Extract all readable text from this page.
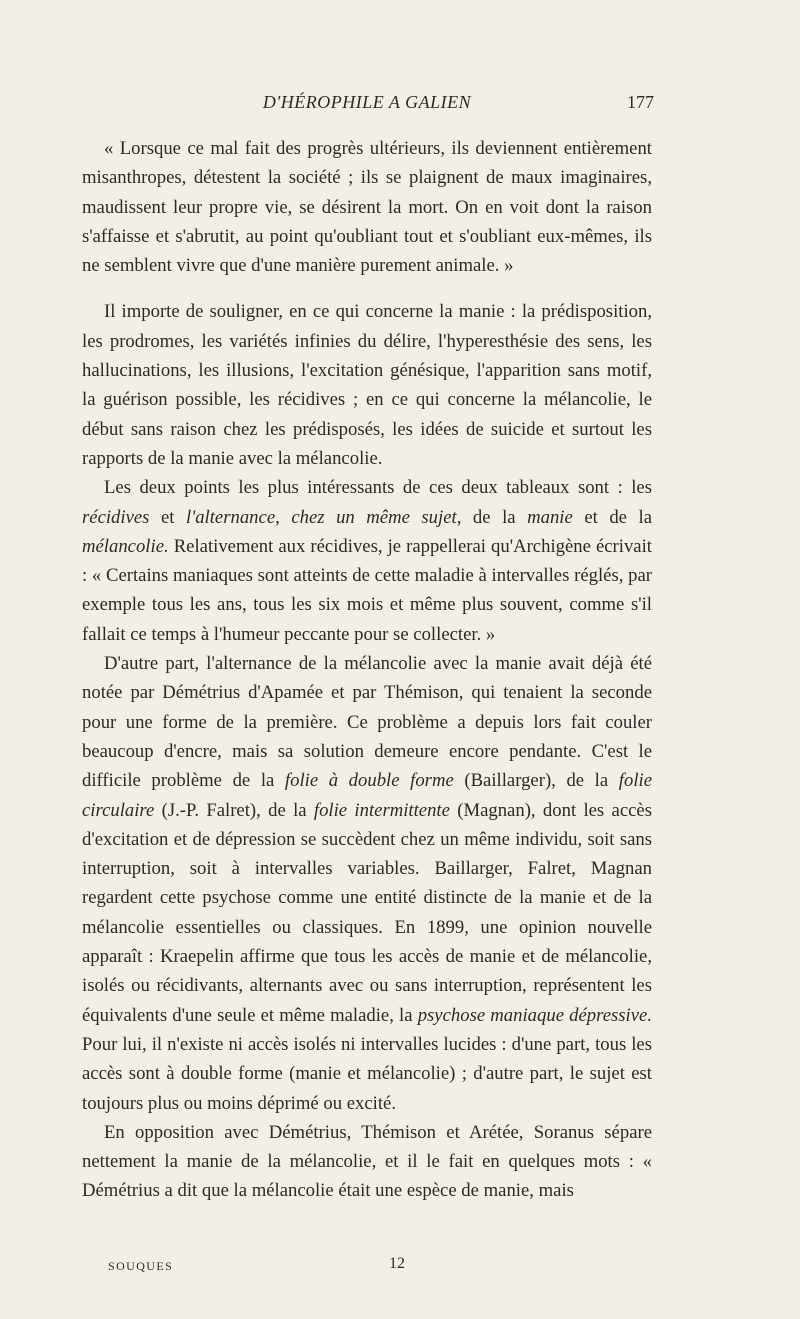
D'HÉROPHILE A GALIEN	177

« Lorsque ce mal fait des progrès ultérieurs, ils deviennent entièrement misanthropes, détestent la société ; ils se plaignent de maux imaginaires, maudissent leur propre vie, se désirent la mort. On en voit dont la raison s'affaisse et s'abrutit, au point qu'oubliant tout et s'oubliant eux-mêmes, ils ne semblent vivre que d'une manière purement animale. »

Il importe de souligner, en ce qui concerne la manie : la prédisposition, les prodromes, les variétés infinies du délire, l'hyperesthésie des sens, les hallucinations, les illusions, l'excitation génésique, l'apparition sans motif, la guérison possible, les récidives ; en ce qui concerne la mélancolie, le début sans raison chez les prédisposés, les idées de suicide et surtout les rapports de la manie avec la mélancolie.

Les deux points les plus intéressants de ces deux tableaux sont : les récidives et l'alternance, chez un même sujet, de la manie et de la mélancolie. Relativement aux récidives, je rappellerai qu'Archigène écrivait : « Certains maniaques sont atteints de cette maladie à intervalles réglés, par exemple tous les ans, tous les six mois et même plus souvent, comme s'il fallait ce temps à l'humeur peccante pour se collecter. »

D'autre part, l'alternance de la mélancolie avec la manie avait déjà été notée par Démétrius d'Apamée et par Thémison, qui tenaient la seconde pour une forme de la première. Ce problème a depuis lors fait couler beaucoup d'encre, mais sa solution demeure encore pendante. C'est le difficile problème de la folie à double forme (Baillarger), de la folie circulaire (J.-P. Falret), de la folie intermittente (Magnan), dont les accès d'excitation et de dépression se succèdent chez un même individu, soit sans interruption, soit à intervalles variables. Baillarger, Falret, Magnan regardent cette psychose comme une entité distincte de la manie et de la mélancolie essentielles ou classiques. En 1899, une opinion nouvelle apparaît : Kraepelin affirme que tous les accès de manie et de mélancolie, isolés ou récidivants, alternants avec ou sans interruption, représentent les équivalents d'une seule et même maladie, la psychose maniaque dépressive. Pour lui, il n'existe ni accès isolés ni intervalles lucides : d'une part, tous les accès sont à double forme (manie et mélancolie) ; d'autre part, le sujet est toujours plus ou moins déprimé ou excité.

En opposition avec Démétrius, Thémison et Arétée, Soranus sépare nettement la manie de la mélancolie, et il le fait en quelques mots : « Démétrius a dit que la mélancolie était une espèce de manie, mais

SOUQUES	12
